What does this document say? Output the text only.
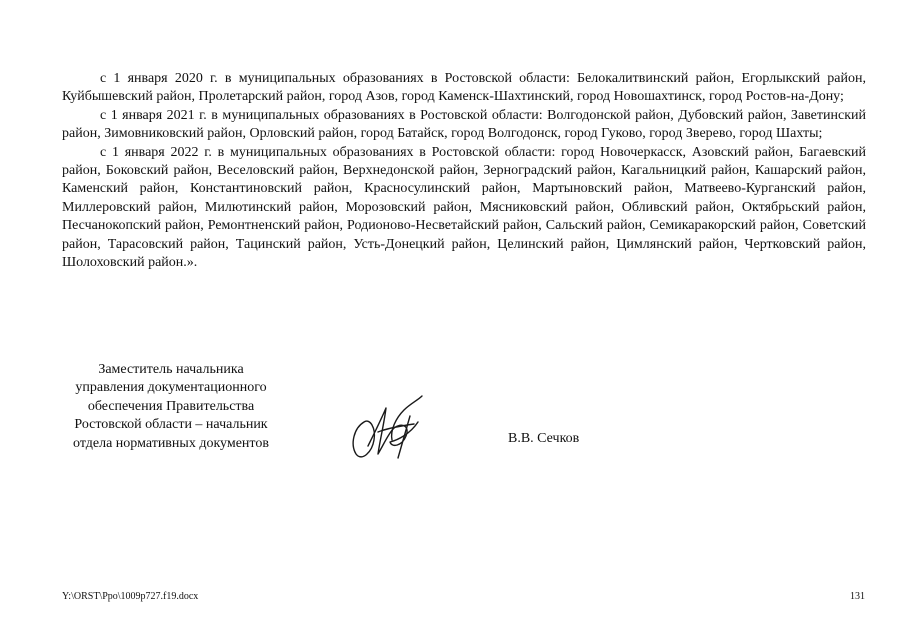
с 1 января 2020 г. в муниципальных образованиях в Ростовской области: Белокалитвинский район, Егорлыкский район, Куйбышевский район, Пролетарский район, город Азов, город Каменск-Шахтинский, город Новошахтинск, город Ростов-на-Дону;

с 1 января 2021 г. в муниципальных образованиях в Ростовской области: Волгодонской район, Дубовский район, Заветинский район, Зимовниковский район, Орловский район, город Батайск, город Волгодонск, город Гуково, город Зверево, город Шахты;

с 1 января 2022 г. в муниципальных образованиях в Ростовской области: город Новочеркасск, Азовский район, Багаевский район, Боковский район, Веселовский район, Верхнедонской район, Зерноградский район, Кагальницкий район, Кашарский район, Каменский район, Константиновский район, Красносулинский район, Мартыновский район, Матвеево-Курганский район, Миллеровский район, Милютинский район, Морозовский район, Мясниковский район, Обливский район, Октябрьский район, Песчанокопский район, Ремонтненский район, Родионово-Несветайский район, Сальский район, Семикаракорский район, Советский район, Тарасовский район, Тацинский район, Усть-Донецкий район, Целинский район, Цимлянский район, Чертковский район, Шолоховский район.».

Заместитель начальника
управления документационного
обеспечения Правительства
Ростовской области – начальник
отдела нормативных документов	В.В. Сечков
Y:\ORST\Ppo\1009p727.f19.docx	131
